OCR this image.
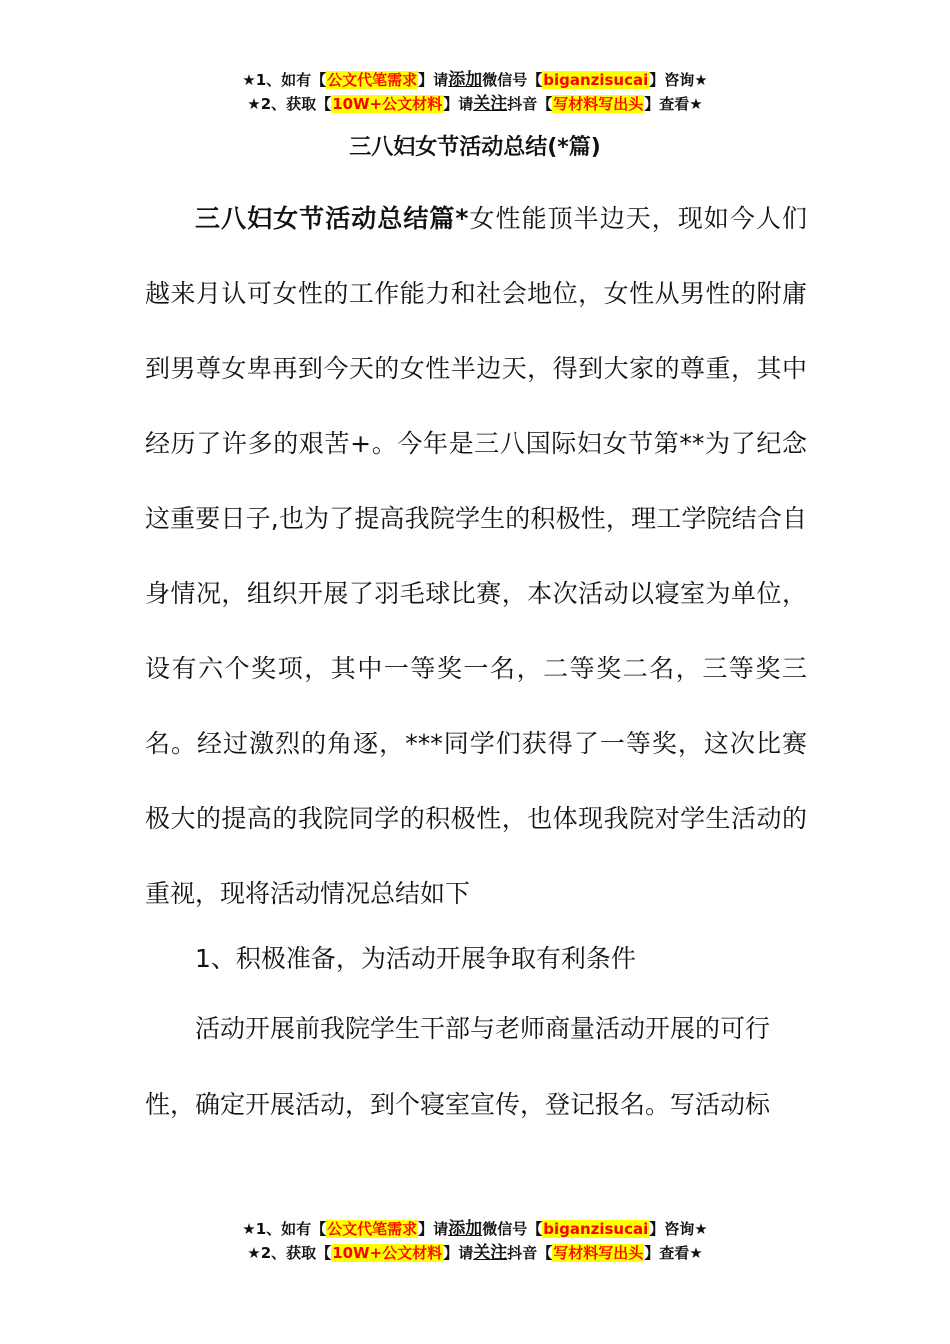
★1、如有【公文代笔需求】请添加微信号【biganzisucai】咨询★
★2、获取【10W+公文材料】请关注抖音【写材料写出头】查看★
三八妇女节活动总结(*篇)

三八妇女节活动总结篇*女性能顶半边天，现如今人们越来月认可女性的工作能力和社会地位，女性从男性的附庸到男尊女卑再到今天的女性半边天，得到大家的尊重，其中经历了许多的艰苦+。今年是三八国际妇女节第**为了纪念这重要日子,也为了提高我院学生的积极性，理工学院结合自身情况，组织开展了羽毛球比赛，本次活动以寝室为单位，设有六个奖项，其中一等奖一名，二等奖二名，三等奖三名。经过激烈的角逐，***同学们获得了一等奖，这次比赛极大的提高的我院同学的积极性，也体现我院对学生活动的重视，现将活动情况总结如下

1、积极准备，为活动开展争取有利条件
活动开展前我院学生干部与老师商量活动开展的可行
性，确定开展活动，到个寝室宣传，登记报名。写活动标
★1、如有【公文代笔需求】请添加微信号【biganzisucai】咨询★
★2、获取【10W+公文材料】请关注抖音【写材料写出头】查看★
